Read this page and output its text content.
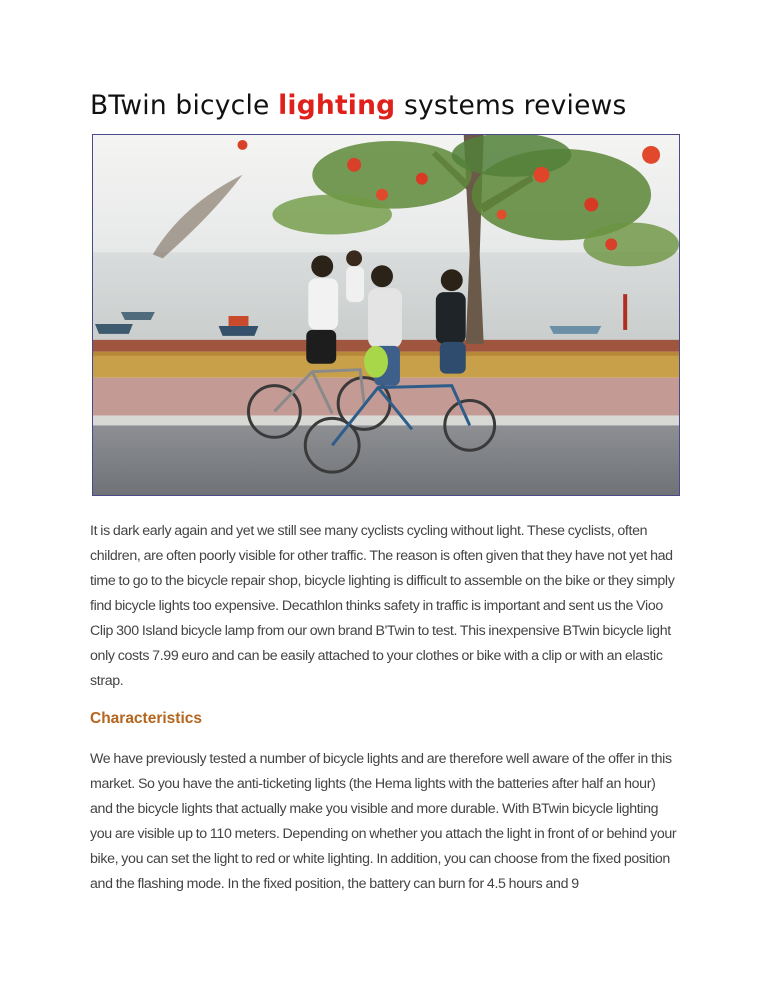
BTwin bicycle lighting systems reviews

It is dark early again and yet we still see many cyclists cycling without light. These cyclists, often children, are often poorly visible for other traffic. The reason is often given that they have not yet had time to go to the bicycle repair shop, bicycle lighting is difficult to assemble on the bike or they simply find bicycle lights too expensive. Decathlon thinks safety in traffic is important and sent us the Vioo Clip 300 Island bicycle lamp from our own brand B'Twin to test. This inexpensive BTwin bicycle light only costs 7.99 euro and can be easily attached to your clothes or bike with a clip or with an elastic strap.

Characteristics

We have previously tested a number of bicycle lights and are therefore well aware of the offer in this market. So you have the anti-ticketing lights (the Hema lights with the batteries after half an hour) and the bicycle lights that actually make you visible and more durable. With BTwin bicycle lighting you are visible up to 110 meters. Depending on whether you attach the light in front of or behind your bike, you can set the light to red or white lighting. In addition, you can choose from the fixed position and the flashing mode. In the fixed position, the battery can burn for 4.5 hours and 9
